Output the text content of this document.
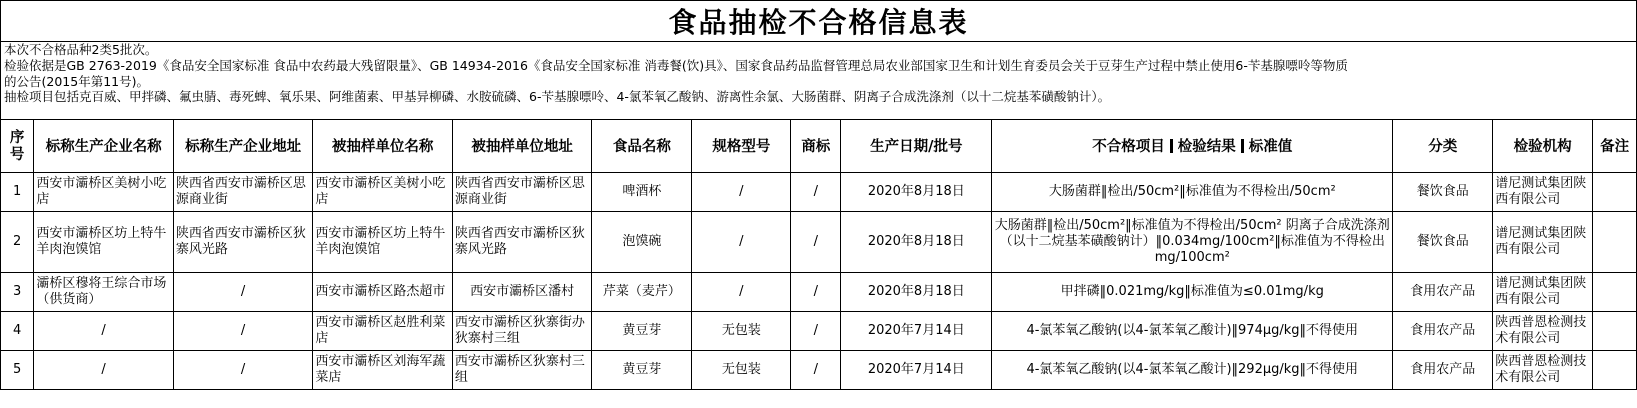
食品抽检不合格信息表
本次不合格品种2类5批次。
检验依据是GB 2763-2019《食品安全国家标准 食品中农药最大残留限量》、GB 14934-2016《食品安全国家标准 消毒餐(饮)具》、国家食品药品监督管理总局农业部国家卫生和计划生育委员会关于豆芽生产过程中禁止使用6-苄基腺嘌呤等物质
的公告(2015年第11号)。
抽检项目包括克百威、甲拌磷、氟虫腈、毒死蜱、氧乐果、阿维菌素、甲基异柳磷、水胺硫磷、6-苄基腺嘌呤、4-氯苯氧乙酸钠、游离性余氯、大肠菌群、阴离子合成洗涤剂（以十二烷基苯磺酸钠计）。
序号	标称生产企业名称	标称生产企业地址	被抽样单位名称	被抽样单位地址	食品名称	规格型号	商标	生产日期/批号	不合格项目 检验结果 标准值	分类	检验机构	备注
1	西安市灞桥区美树小吃店	陕西省西安市灞桥区思源商业街	西安市灞桥区美树小吃店	陕西省西安市灞桥区思源商业街	啤酒杯	/	/	2020年8月18日	大肠菌群‖检出/50cm²‖标准值为不得检出/50cm²	餐饮食品	谱尼测试集团陕西有限公司	
2	西安市灞桥区坊上特牛羊肉泡馍馆	陕西省西安市灞桥区狄寨风光路	西安市灞桥区坊上特牛羊肉泡馍馆	陕西省西安市灞桥区狄寨风光路	泡馍碗	/	/	2020年8月18日	大肠菌群‖检出/50cm²‖标准值为不得检出/50cm² 阴离子合成洗涤剂（以十二烷基苯磺酸钠计）‖0.034mg/100cm²‖标准值为不得检出mg/100cm²	餐饮食品	谱尼测试集团陕西有限公司	
3	灞桥区穆将王综合市场（供货商）	/	西安市灞桥区路杰超市	西安市灞桥区潘村	芹菜（麦芹）	/	/	2020年8月18日	甲拌磷‖0.021mg/kg‖标准值为≤0.01mg/kg	食用农产品	谱尼测试集团陕西有限公司	
4	/	/	西安市灞桥区赵胜利菜店	西安市灞桥区狄寨街办狄寨村三组	黄豆芽	无包装	/	2020年7月14日	4-氯苯氧乙酸钠(以4-氯苯氧乙酸计)‖974μg/kg‖不得使用	食用农产品	陕西普恩检测技术有限公司	
5	/	/	西安市灞桥区刘海军蔬菜店	西安市灞桥区狄寨村三组	黄豆芽	无包装	/	2020年7月14日	4-氯苯氧乙酸钠(以4-氯苯氧乙酸计)‖292μg/kg‖不得使用	食用农产品	陕西普恩检测技术有限公司	
